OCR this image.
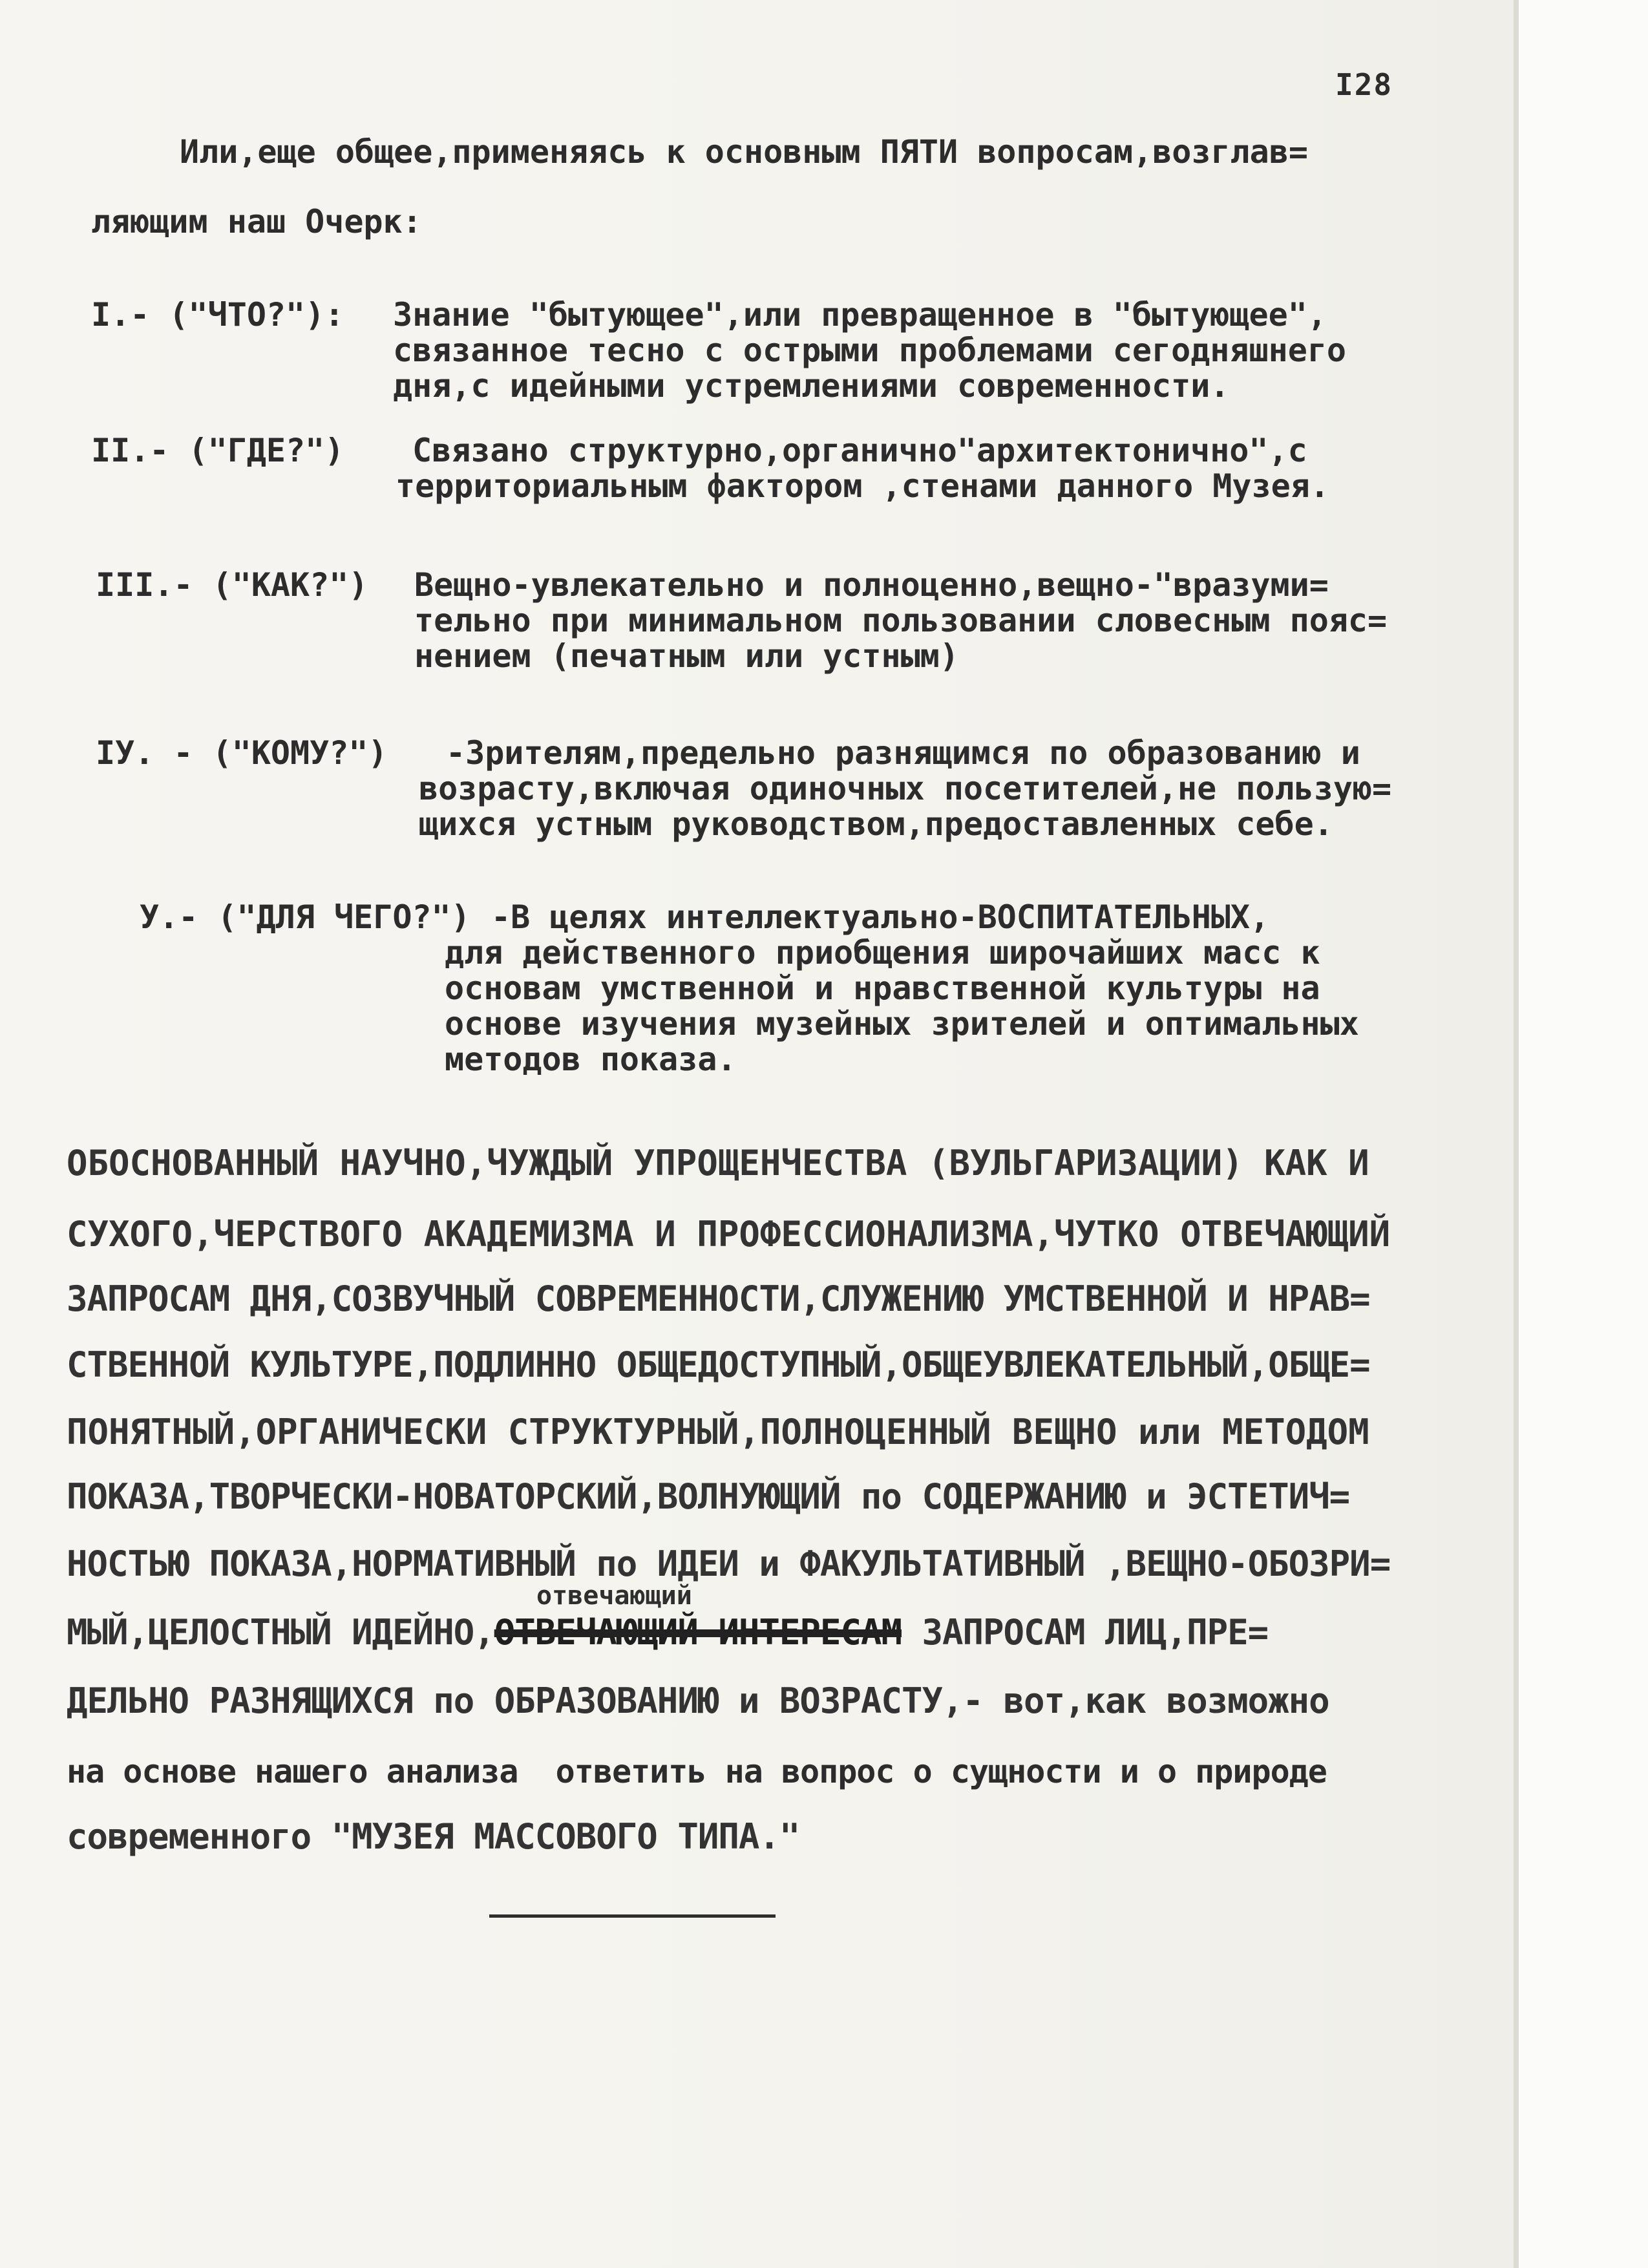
I28

Или,еще общее,применяясь к основным ПЯТИ вопросам,возглав=

ляющим наш Очерк:

I.- ("ЧТО?"): Знание "бытующее",или превращенное в "бытующее",

связанное тесно с острыми проблемами сегодняшнего

дня,с идейными устремлениями современности.

II.- ("ГДЕ?") Связано структурно,органично"архитектонично",с

территориальным фактором ,стенами данного Музея.

III.- ("КАК?") Вещно-увлекательно и полноценно,вещно-"вразуми=

тельно при минимальном пользовании словесным пояс=

нением (печатным или устным)

IУ. - ("КОМУ?") -Зрителям,предельно разнящимся по образованию и

возрасту,включая одиночных посетителей,не пользую=

щихся устным руководством,предоставленных себе.

У.- ("ДЛЯ ЧЕГО?") -В целях интеллектуально-ВОСПИТАТЕЛЬНЫХ,

для действенного приобщения широчайших масс к

основам умственной и нравственной культуры на

основе изучения музейных зрителей и оптимальных

методов показа.

ОБОСНОВАННЫЙ НАУЧНО,ЧУЖДЫЙ УПРОЩЕНЧЕСТВА (ВУЛЬГАРИЗАЦИИ) КАК И

СУХОГО,ЧЕРСТВОГО АКАДЕМИЗМА И ПРОФЕССИОНАЛИЗМА,ЧУТКО ОТВЕЧАЮЩИЙ

ЗАПРОСАМ ДНЯ,СОЗВУЧНЫЙ СОВРЕМЕННОСТИ,СЛУЖЕНИЮ УМСТВЕННОЙ И НРАВ=

СТВЕННОЙ КУЛЬТУРЕ,ПОДЛИННО ОБЩЕДОСТУПНЫЙ,ОБЩЕУВЛЕКАТЕЛЬНЫЙ,ОБЩЕ=

ПОНЯТНЫЙ,ОРГАНИЧЕСКИ СТРУКТУРНЫЙ,ПОЛНОЦЕННЫЙ ВЕЩНО или МЕТОДОМ

ПОКАЗА,ТВОРЧЕСКИ-НОВАТОРСКИЙ,ВОЛНУЮЩИЙ по СОДЕРЖАНИЮ и ЭСТЕТИЧ=

НОСТЬЮ ПОКАЗА,НОРМАТИВНЫЙ по ИДЕИ и ФАКУЛЬТАТИВНЫЙ ,ВЕЩНО-ОБОЗРИ=

отвечающий

МЫЙ,ЦЕЛОСТНЫЙ ИДЕЙНО,ОТВЕЧАЮЩИЙ ИНТЕРЕСАМ ЗАПРОСАМ ЛИЦ,ПРЕ=

ДЕЛЬНО РАЗНЯЩИХСЯ по ОБРАЗОВАНИЮ и ВОЗРАСТУ,- вот,как возможно

на основе нашего анализа  ответить на вопрос о сущности и о природе

современного "МУЗЕЯ МАССОВОГО ТИПА."
